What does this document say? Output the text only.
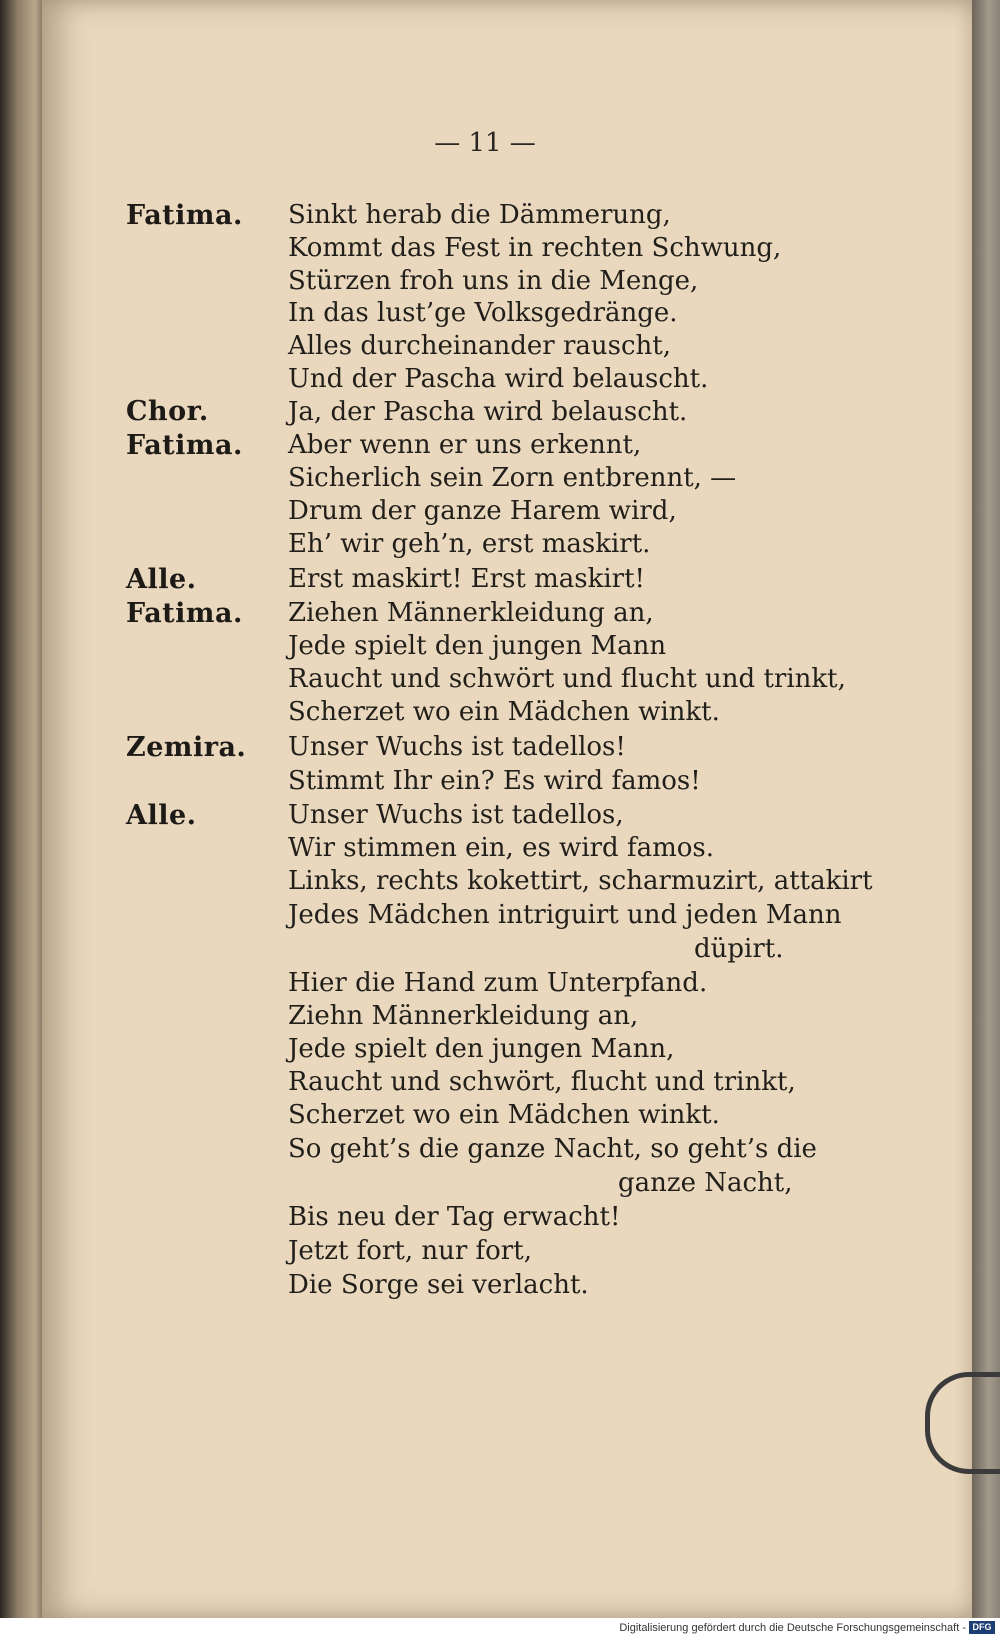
— 11 —
Fatima.
Chor.
Fatima.
Alle.
Fatima.
Zemira.
Alle.
Sinkt herab die Dämmerung,
Kommt das Fest in rechten Schwung,
Stürzen froh uns in die Menge,
In das lust’ge Volksgedränge.
Alles durcheinander rauscht,
Und der Pascha wird belauscht.
Ja, der Pascha wird belauscht.
Aber wenn er uns erkennt,
Sicherlich sein Zorn entbrennt, —
Drum der ganze Harem wird,
Eh’ wir geh’n, erst maskirt.
Erst maskirt! Erst maskirt!
Ziehen Männerkleidung an,
Jede spielt den jungen Mann
Raucht und schwört und flucht und trinkt,
Scherzet wo ein Mädchen winkt.
Unser Wuchs ist tadellos!
Stimmt Ihr ein? Es wird famos!
Unser Wuchs ist tadellos,
Wir stimmen ein, es wird famos.
Links, rechts kokettirt, scharmuzirt, attakirt
Jedes Mädchen intriguirt und jeden Mann
düpirt.
Hier die Hand zum Unterpfand.
Ziehn Männerkleidung an,
Jede spielt den jungen Mann,
Raucht und schwört, flucht und trinkt,
Scherzet wo ein Mädchen winkt.
So geht’s die ganze Nacht, so geht’s die
ganze Nacht,
Bis neu der Tag erwacht!
Jetzt fort, nur fort,
Die Sorge sei verlacht.
Digitalisierung gefördert durch die Deutsche Forschungsgemeinschaft - DFG
